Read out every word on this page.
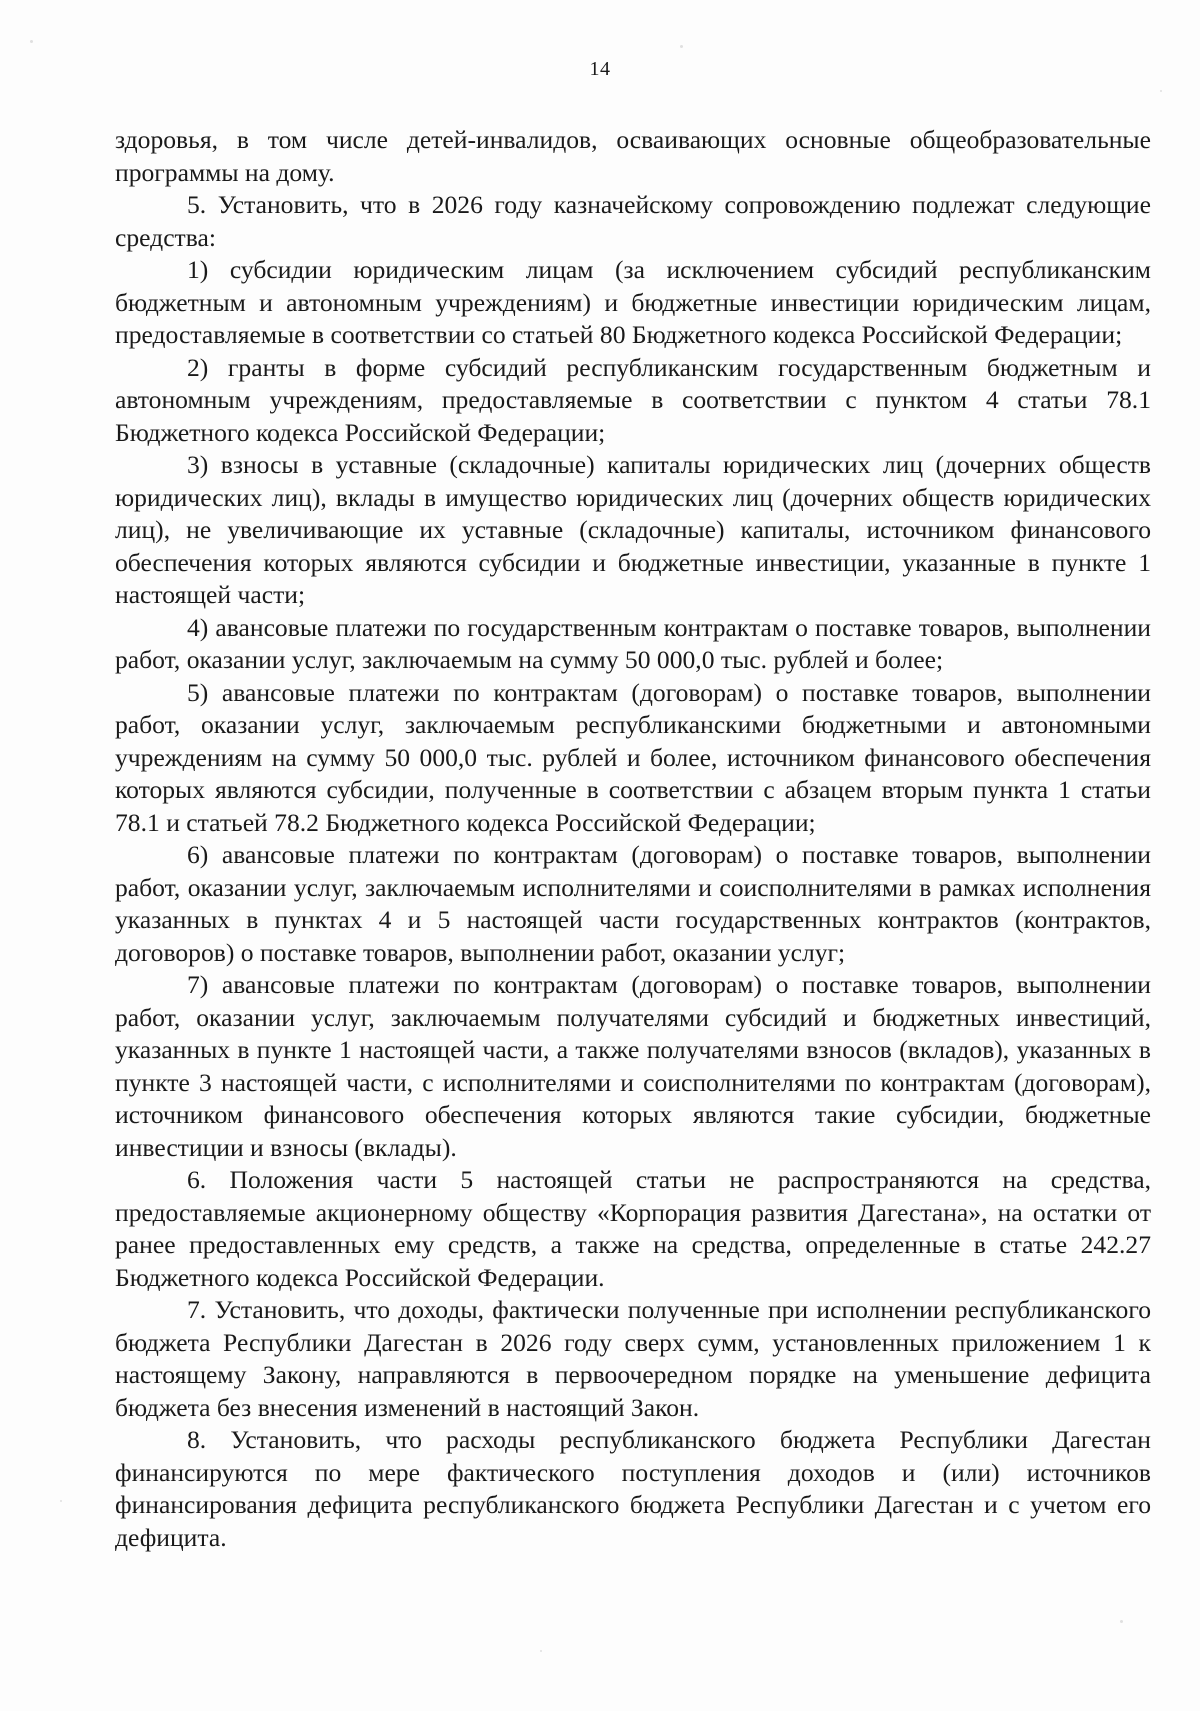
14

здоровья, в том числе детей-инвалидов, осваивающих основные общеобразовательные программы на дому.

5. Установить, что в 2026 году казначейскому сопровождению подлежат следующие средства:

1) субсидии юридическим лицам (за исключением субсидий республиканским бюджетным и автономным учреждениям) и бюджетные инвестиции юридическим лицам, предоставляемые в соответствии со статьей 80 Бюджетного кодекса Российской Федерации;

2) гранты в форме субсидий республиканским государственным бюджетным и автономным учреждениям, предоставляемые в соответствии с пунктом 4 статьи 78.1 Бюджетного кодекса Российской Федерации;

3) взносы в уставные (складочные) капиталы юридических лиц (дочерних обществ юридических лиц), вклады в имущество юридических лиц (дочерних обществ юридических лиц), не увеличивающие их уставные (складочные) капиталы, источником финансового обеспечения которых являются субсидии и бюджетные инвестиции, указанные в пункте 1 настоящей части;

4) авансовые платежи по государственным контрактам о поставке товаров, выполнении работ, оказании услуг, заключаемым на сумму 50 000,0 тыс. рублей и более;

5) авансовые платежи по контрактам (договорам) о поставке товаров, выполнении работ, оказании услуг, заключаемым республиканскими бюджетными и автономными учреждениям на сумму 50 000,0 тыс. рублей и более, источником финансового обеспечения которых являются субсидии, полученные в соответствии с абзацем вторым пункта 1 статьи 78.1 и статьей 78.2 Бюджетного кодекса Российской Федерации;

6) авансовые платежи по контрактам (договорам) о поставке товаров, выполнении работ, оказании услуг, заключаемым исполнителями и соисполнителями в рамках исполнения указанных в пунктах 4 и 5 настоящей части государственных контрактов (контрактов, договоров) о поставке товаров, выполнении работ, оказании услуг;

7) авансовые платежи по контрактам (договорам) о поставке товаров, выполнении работ, оказании услуг, заключаемым получателями субсидий и бюджетных инвестиций, указанных в пункте 1 настоящей части, а также получателями взносов (вкладов), указанных в пункте 3 настоящей части, с исполнителями и соисполнителями по контрактам (договорам), источником финансового обеспечения которых являются такие субсидии, бюджетные инвестиции и взносы (вклады).

6. Положения части 5 настоящей статьи не распространяются на средства, предоставляемые акционерному обществу «Корпорация развития Дагестана», на остатки от ранее предоставленных ему средств, а также на средства, определенные в статье 242.27 Бюджетного кодекса Российской Федерации.

7. Установить, что доходы, фактически полученные при исполнении республиканского бюджета Республики Дагестан в 2026 году сверх сумм, установленных приложением 1 к настоящему Закону, направляются в первоочередном порядке на уменьшение дефицита бюджета без внесения изменений в настоящий Закон.

8. Установить, что расходы республиканского бюджета Республики Дагестан финансируются по мере фактического поступления доходов и (или) источников финансирования дефицита республиканского бюджета Республики Дагестан и с учетом его дефицита.
